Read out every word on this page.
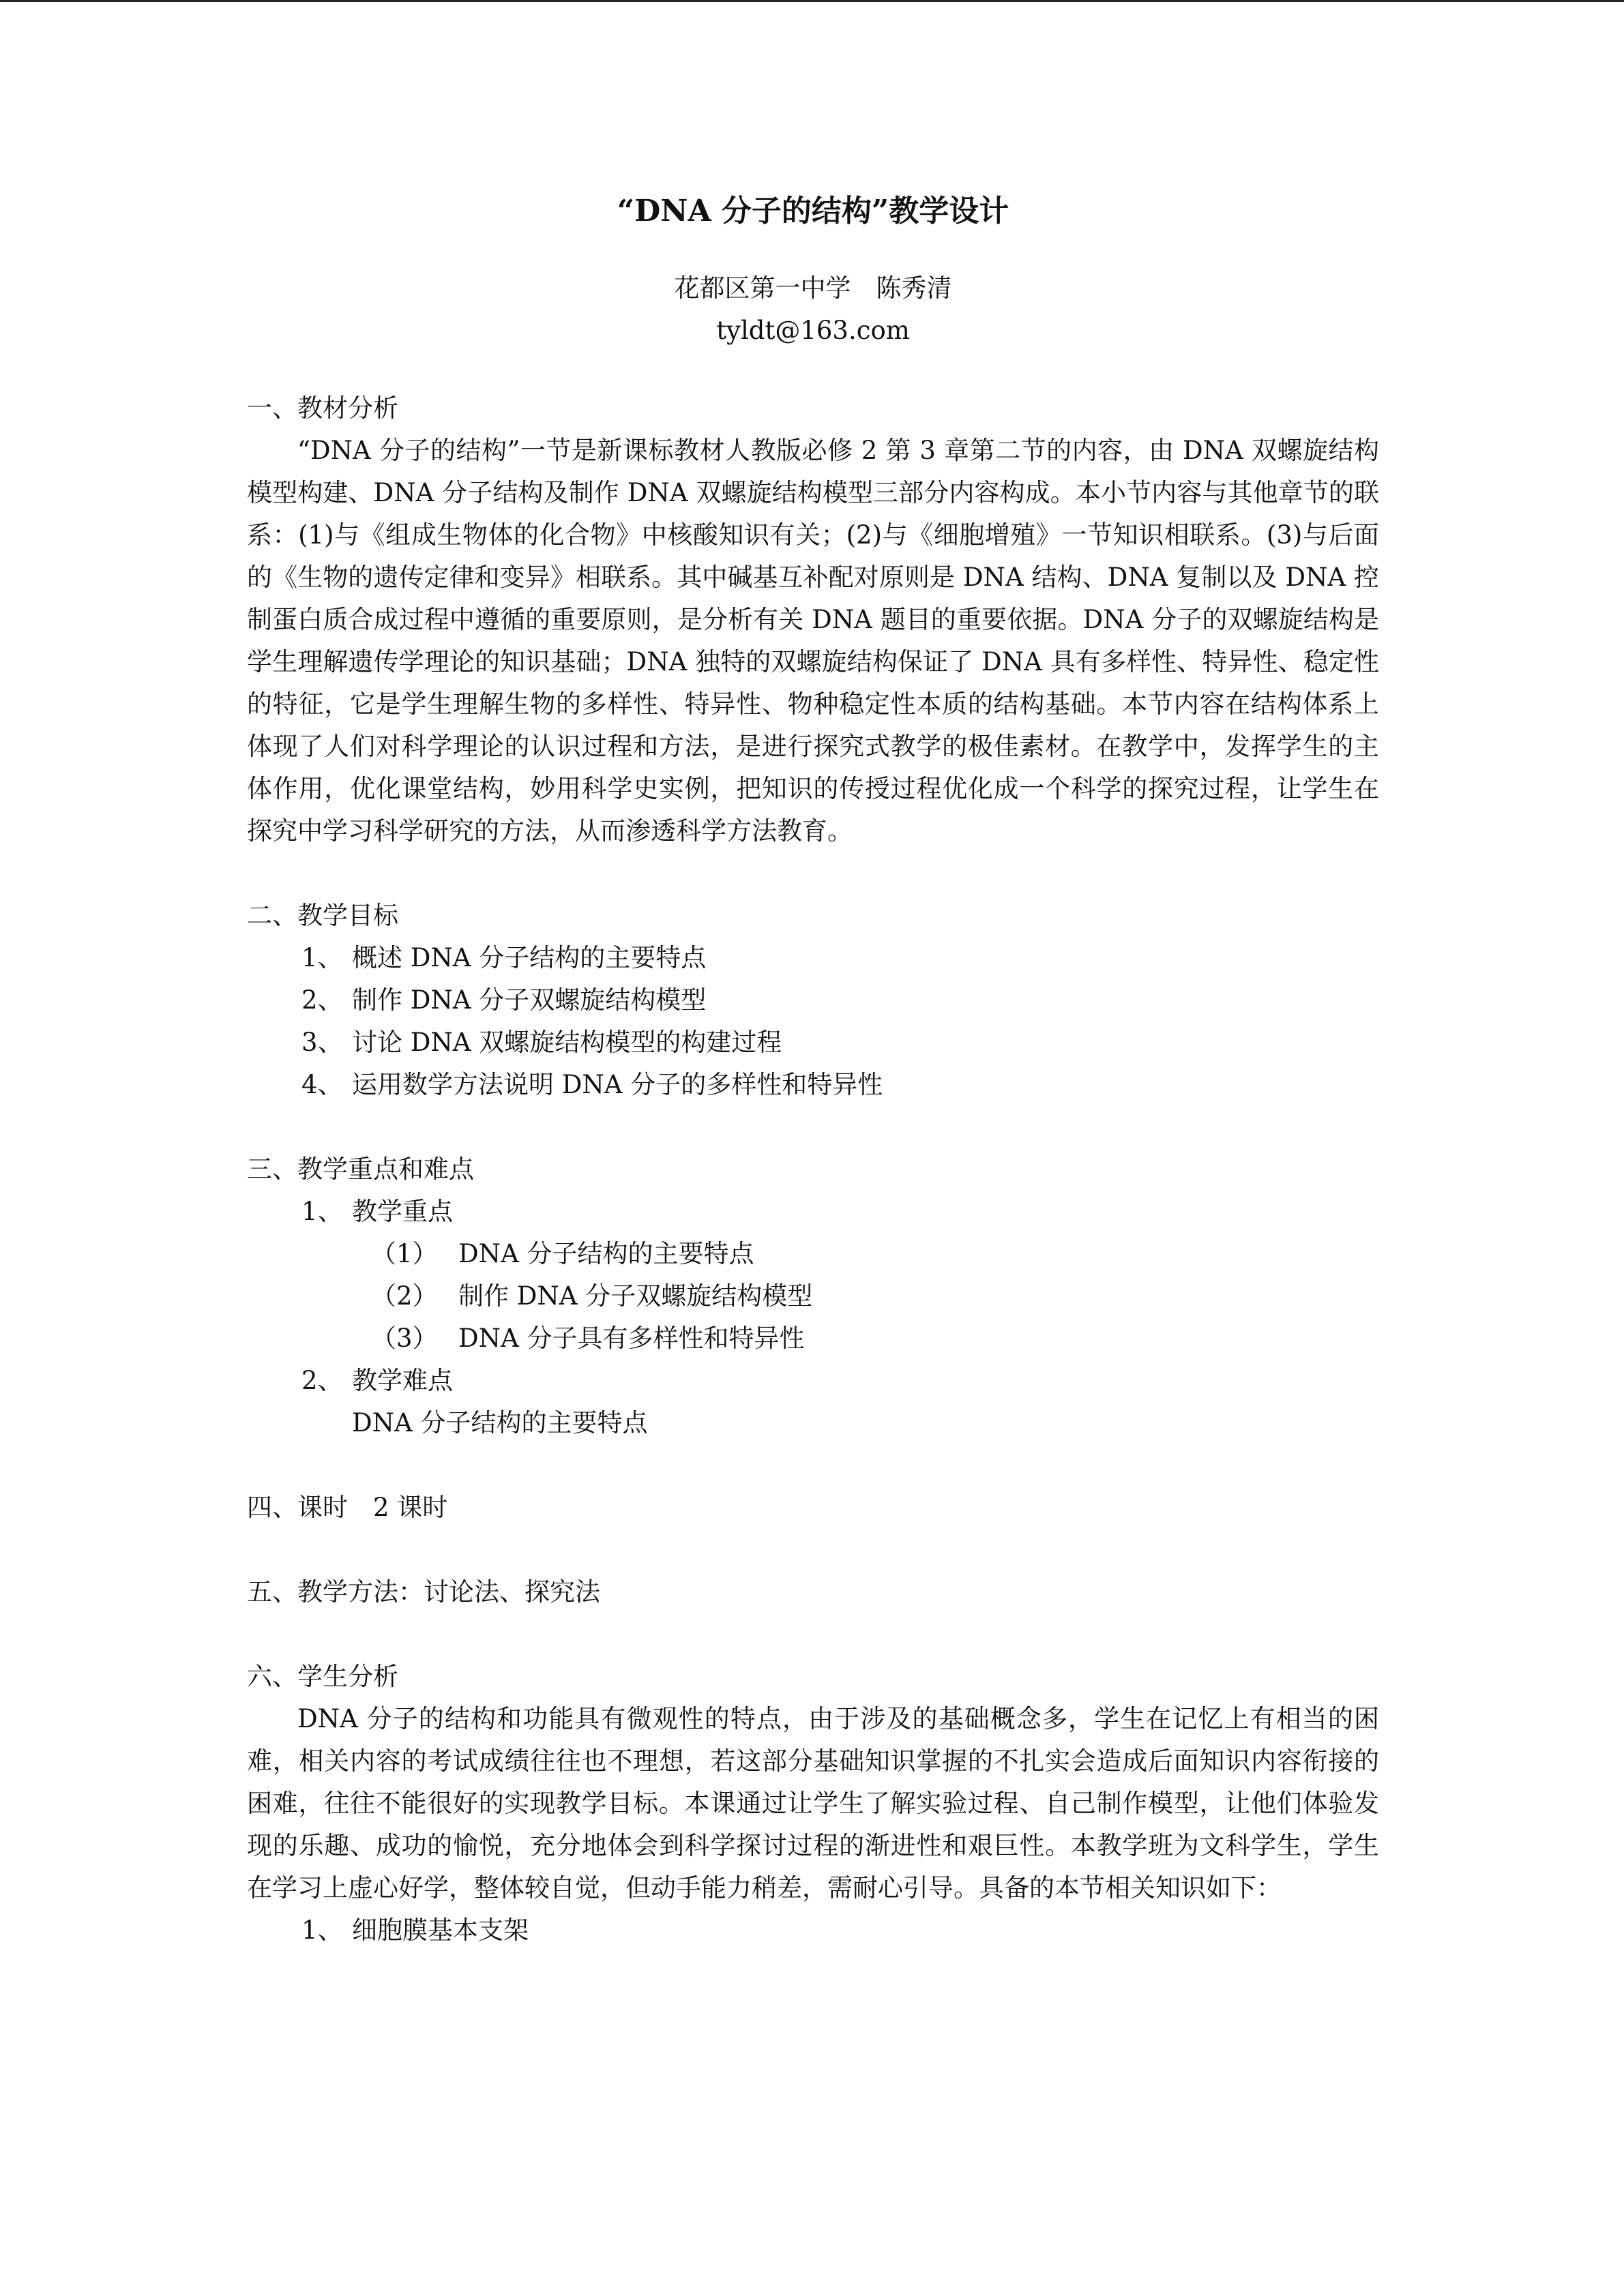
“DNA 分子的结构”教学设计
花都区第一中学　陈秀清
tyldt@163.com

一、教材分析

“DNA 分子的结构”一节是新课标教材人教版必修 2 第 3 章第二节的内容，由 DNA 双螺旋结构模型构建、DNA 分子结构及制作 DNA 双螺旋结构模型三部分内容构成。本小节内容与其他章节的联系：(1)与《组成生物体的化合物》中核酸知识有关；(2)与《细胞增殖》一节知识相联系。(3)与后面的《生物的遗传定律和变异》相联系。其中碱基互补配对原则是 DNA 结构、DNA 复制以及 DNA 控制蛋白质合成过程中遵循的重要原则，是分析有关 DNA 题目的重要依据。DNA 分子的双螺旋结构是学生理解遗传学理论的知识基础；DNA 独特的双螺旋结构保证了 DNA 具有多样性、特异性、稳定性的特征，它是学生理解生物的多样性、特异性、物种稳定性本质的结构基础。本节内容在结构体系上体现了人们对科学理论的认识过程和方法，是进行探究式教学的极佳素材。在教学中，发挥学生的主体作用，优化课堂结构，妙用科学史实例，把知识的传授过程优化成一个科学的探究过程，让学生在探究中学习科学研究的方法，从而渗透科学方法教育。

二、教学目标

1、 概述 DNA 分子结构的主要特点
2、 制作 DNA 分子双螺旋结构模型
3、 讨论 DNA 双螺旋结构模型的构建过程
4、 运用数学方法说明 DNA 分子的多样性和特异性

三、教学重点和难点

1、 教学重点
（1） DNA 分子结构的主要特点
（2） 制作 DNA 分子双螺旋结构模型
（3） DNA 分子具有多样性和特异性
2、 教学难点
DNA 分子结构的主要特点

四、课时　2 课时

五、教学方法：讨论法、探究法

六、学生分析

DNA 分子的结构和功能具有微观性的特点，由于涉及的基础概念多，学生在记忆上有相当的困难，相关内容的考试成绩往往也不理想，若这部分基础知识掌握的不扎实会造成后面知识内容衔接的困难，往往不能很好的实现教学目标。本课通过让学生了解实验过程、自己制作模型，让他们体验发现的乐趣、成功的愉悦，充分地体会到科学探讨过程的渐进性和艰巨性。本教学班为文科学生，学生在学习上虚心好学，整体较自觉，但动手能力稍差，需耐心引导。具备的本节相关知识如下：

1、 细胞膜基本支架
